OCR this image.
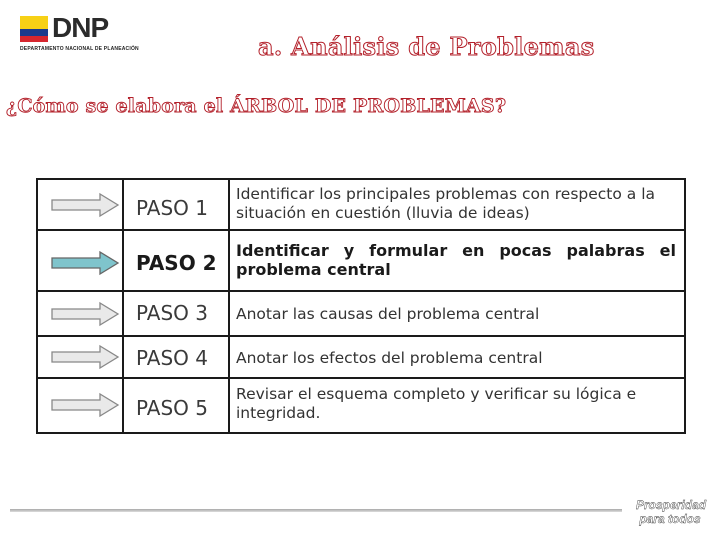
DNP
DEPARTAMENTO NACIONAL DE PLANEACIÓN	a. Análisis de Problemas
¿Cómo se elabora el ÁRBOL DE PROBLEMAS?
PASO 1
Identificar los principales problemas con respecto a la situación en cuestión (lluvia de ideas)
PASO 2
Identificar y formular en pocas palabras el problema central
PASO 3 Anotar las causas del problema central
PASO 4 Anotar los efectos del problema central
PASO 5
Revisar el esquema completo y verificar su lógica e integridad.
Prosperidad
para todos
